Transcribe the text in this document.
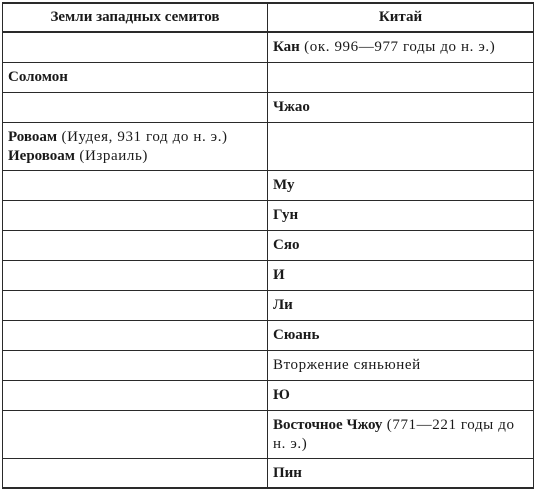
Земли западных семитов	Китай
	Кан (ок. 996—977 годы до н. э.)
Соломон	
	Чжао

Ровоам (Иудея, 931 год до н. э.)
Иеровоам (Израиль)	

	Му
	Гун
	Сяо
	И
	Ли
	Сюань
	Вторжение сяньюней
	Ю
	Восточное Чжоу (771—221 годы до н. э.)
	Пин
